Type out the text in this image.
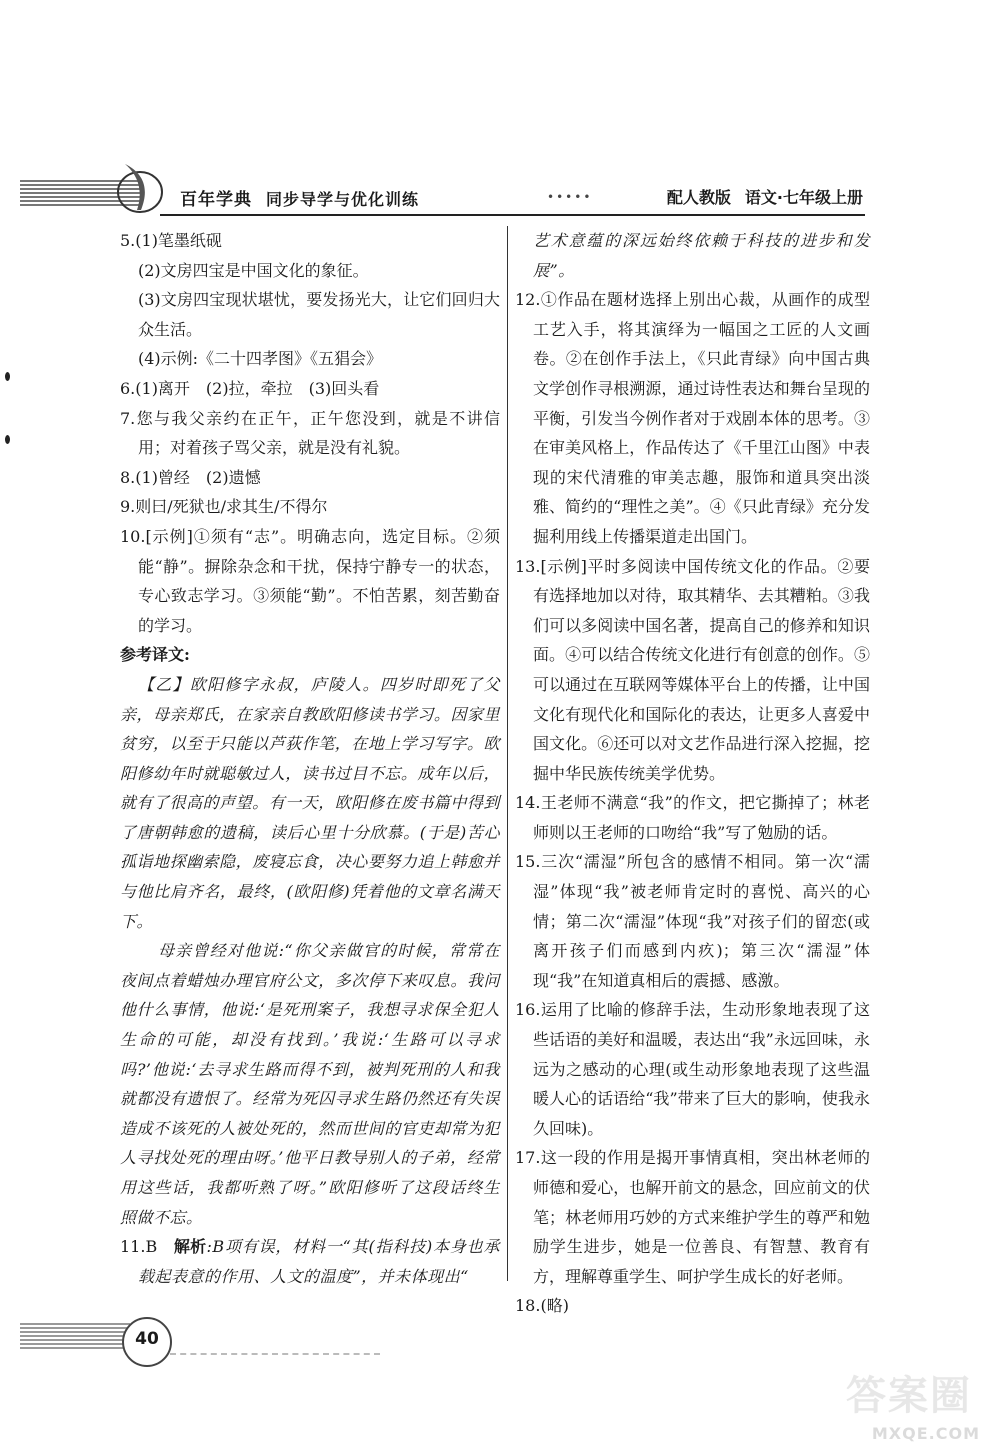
百年学典 同步导学与优化训练	•••••	配人教版 语文·七年级上册

5.(1)笔墨纸砚

(2)文房四宝是中国文化的象征。

(3)文房四宝现状堪忧，要发扬光大，让它们回归大众生活。

(4)示例:《二十四孝图》《五猖会》

6.(1)离开　(2)拉，牵拉　(3)回头看

7.您与我父亲约在正午，正午您没到，就是不讲信用；对着孩子骂父亲，就是没有礼貌。

8.(1)曾经　(2)遗憾

9.则曰/死狱也/求其生/不得尔

10.[示例]①须有“志”。明确志向，选定目标。②须能“静”。摒除杂念和干扰，保持宁静专一的状态，专心致志学习。③须能“勤”。不怕苦累，刻苦勤奋的学习。

参考译文:

【乙】欧阳修字永叔，庐陵人。四岁时即死了父亲，母亲郑氏，在家亲自教欧阳修读书学习。因家里贫穷，以至于只能以芦荻作笔，在地上学习写字。欧阳修幼年时就聪敏过人，读书过目不忘。成年以后，就有了很高的声望。有一天，欧阳修在废书篇中得到了唐朝韩愈的遗稿，读后心里十分欣慕。(于是)苦心孤诣地探幽索隐，废寝忘食，决心要努力追上韩愈并与他比肩齐名，最终，(欧阳修)凭着他的文章名满天下。

母亲曾经对他说:“你父亲做官的时候，常常在夜间点着蜡烛办理官府公文，多次停下来叹息。我问他什么事情，他说:‘是死刑案子，我想寻求保全犯人生命的可能，却没有找到。’我说:‘生路可以寻求吗?’他说:‘去寻求生路而得不到，被判死刑的人和我就都没有遗恨了。经常为死囚寻求生路仍然还有失误造成不该死的人被处死的，然而世间的官吏却常为犯人寻找处死的理由呀。’他平日教导别人的子弟，经常用这些话，我都听熟了呀。”欧阳修听了这段话终生照做不忘。

11.B　 解析:B项有误，材料一“其(指科技)本身也承载起表意的作用、人文的温度”，并未体现出“

艺术意蕴的深远始终依赖于科技的进步和发展”。

12.①作品在题材选择上别出心裁，从画作的成型工艺入手，将其演绎为一幅国之工匠的人文画卷。②在创作手法上，《只此青绿》向中国古典文学创作寻根溯源，通过诗性表达和舞台呈现的平衡，引发当今例作者对于戏剧本体的思考。③在审美风格上，作品传达了《千里江山图》中表现的宋代清雅的审美志趣，服饰和道具突出淡雅、简约的“理性之美”。④《只此青绿》充分发掘利用线上传播渠道走出国门。

13.[示例]平时多阅读中国传统文化的作品。②要有选择地加以对待，取其精华、去其糟粕。③我们可以多阅读中国名著，提高自己的修养和知识面。④可以结合传统文化进行有创意的创作。⑤可以通过在互联网等媒体平台上的传播，让中国文化有现代化和国际化的表达，让更多人喜爱中国文化。⑥还可以对文艺作品进行深入挖掘，挖掘中华民族传统美学优势。

14.王老师不满意“我”的作文，把它撕掉了；林老师则以王老师的口吻给“我”写了勉励的话。

15.三次“濡湿”所包含的感情不相同。第一次“濡湿”体现“我”被老师肯定时的喜悦、高兴的心情；第二次“濡湿”体现“我”对孩子们的留恋(或离开孩子们而感到内疚)；第三次“濡湿”体现“我”在知道真相后的震撼、感激。

16.运用了比喻的修辞手法，生动形象地表现了这些话语的美好和温暖，表达出“我”永远回味，永远为之感动的心理(或生动形象地表现了这些温暖人心的话语给“我”带来了巨大的影响，使我永久回味)。

17.这一段的作用是揭开事情真相，突出林老师的师德和爱心，也解开前文的悬念，回应前文的伏笔；林老师用巧妙的方式来维护学生的尊严和勉励学生进步，她是一位善良、有智慧、教育有方，理解尊重学生、呵护学生成长的好老师。

18.(略)

40
答案圈
MXQE.COM
